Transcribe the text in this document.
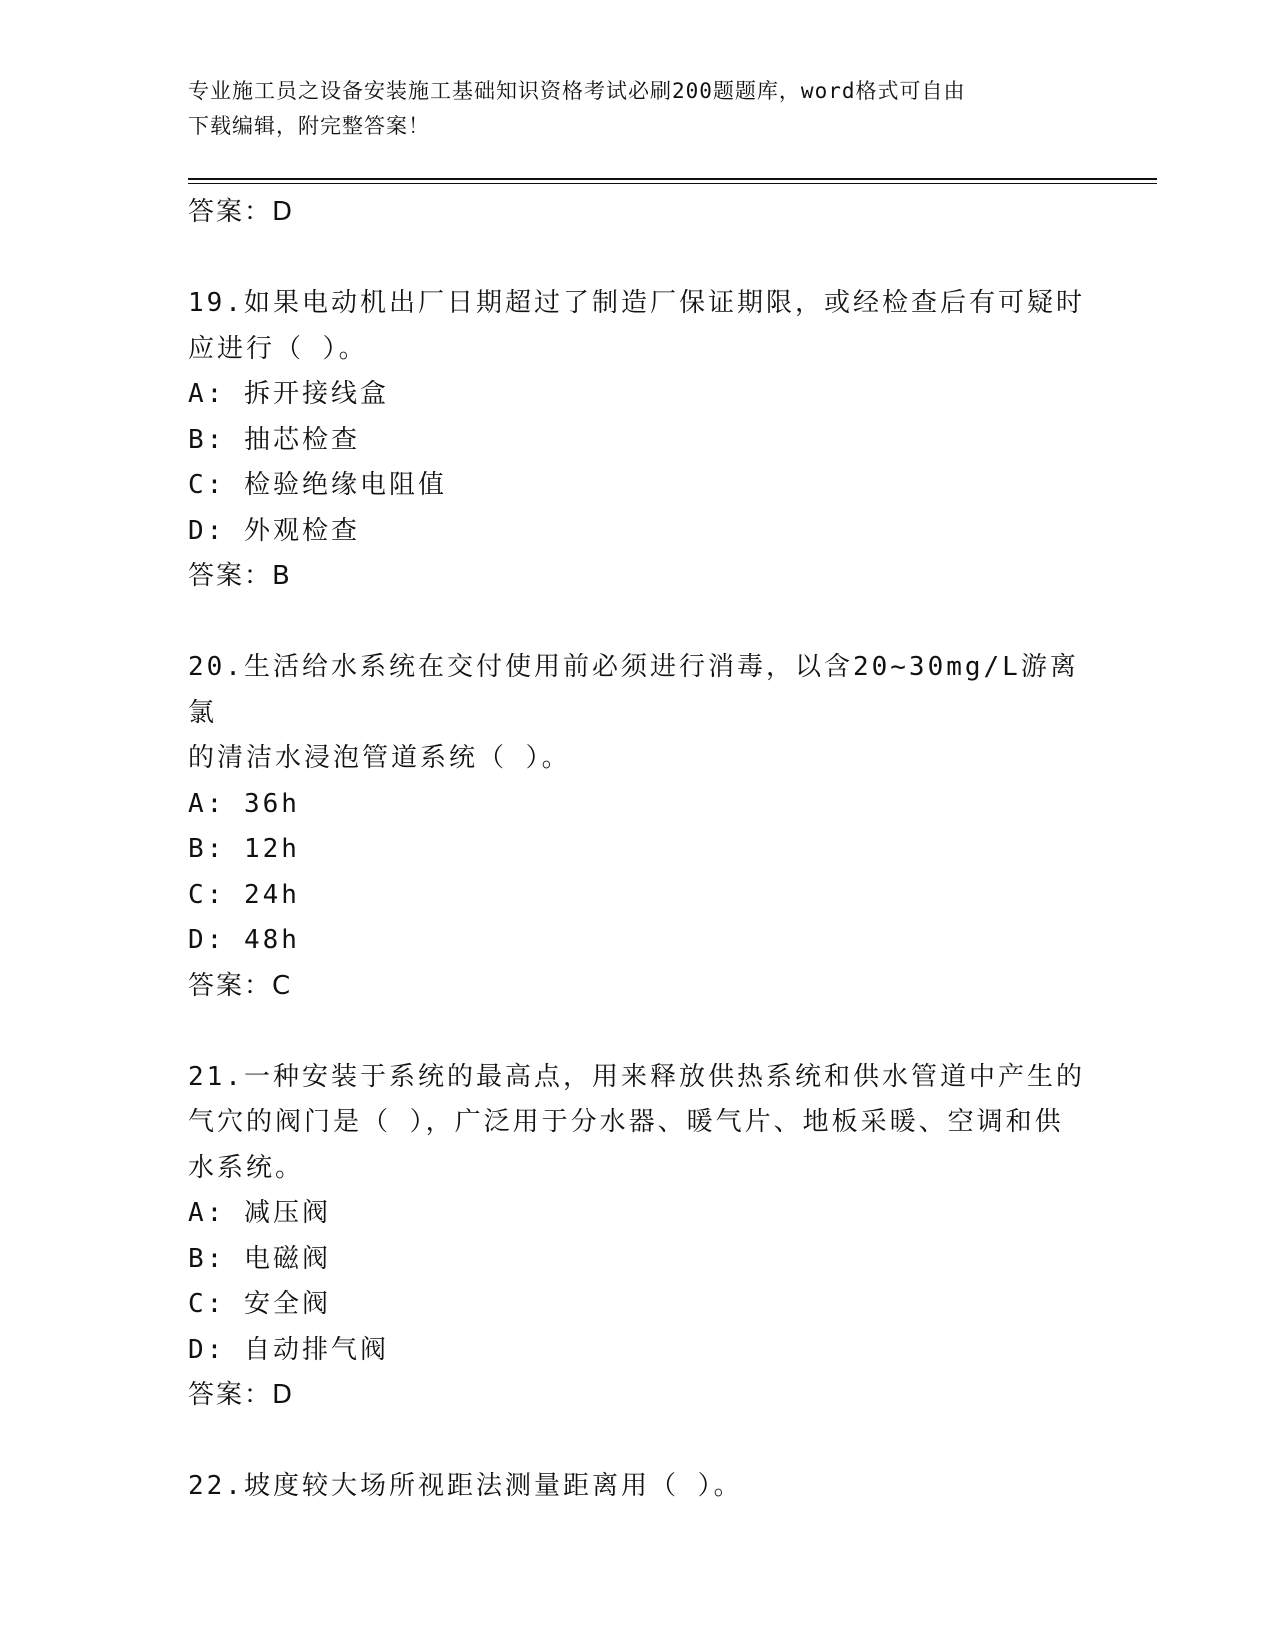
专业施工员之设备安装施工基础知识资格考试必刷200题题库，word格式可自由
下载编辑，附完整答案！

答案：D

19.如果电动机出厂日期超过了制造厂保证期限，或经检查后有可疑时

应进行（ ）。

A: 拆开接线盒

B: 抽芯检查

C: 检验绝缘电阻值

D: 外观检查

答案：B

20.生活给水系统在交付使用前必须进行消毒，以含20~30mg/L游离氯

的清洁水浸泡管道系统（ ）。

A: 36h

B: 12h

C: 24h

D: 48h

答案：C

21.一种安装于系统的最高点，用来释放供热系统和供水管道中产生的

气穴的阀门是（ ），广泛用于分水器、暖气片、地板采暖、空调和供

水系统。

A: 减压阀

B: 电磁阀

C: 安全阀

D: 自动排气阀

答案：D

22.坡度较大场所视距法测量距离用（ ）。
